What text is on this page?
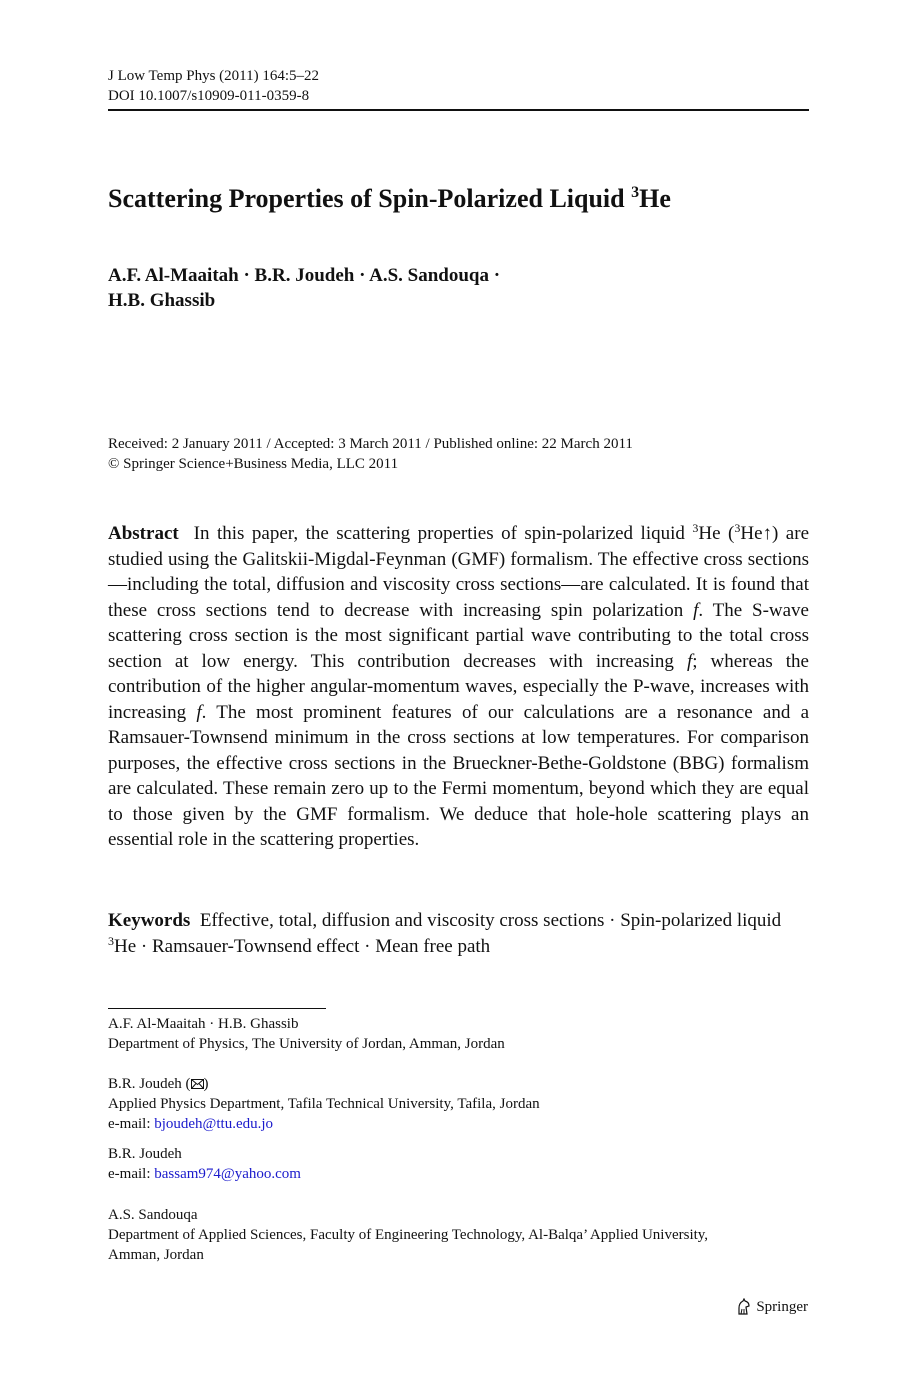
J Low Temp Phys (2011) 164:5–22
DOI 10.1007/s10909-011-0359-8
Scattering Properties of Spin-Polarized Liquid $^3$He
A.F. Al-Maaitah · B.R. Joudeh · A.S. Sandouqa ·
H.B. Ghassib
Received: 2 January 2011 / Accepted: 3 March 2011 / Published online: 22 March 2011
© Springer Science+Business Media, LLC 2011
Abstract In this paper, the scattering properties of spin-polarized liquid $^3$He ($^3$He↑) are studied using the Galitskii-Migdal-Feynman (GMF) formalism. The effective cross sections—including the total, diffusion and viscosity cross sections—are calculated. It is found that these cross sections tend to decrease with increasing spin polarization f. The S-wave scattering cross section is the most significant partial wave contributing to the total cross section at low energy. This contribution decreases with increasing f; whereas the contribution of the higher angular-momentum waves, especially the P-wave, increases with increasing f. The most prominent features of our calculations are a resonance and a Ramsauer-Townsend minimum in the cross sections at low temperatures. For comparison purposes, the effective cross sections in the Brueckner-Bethe-Goldstone (BBG) formalism are calculated. These remain zero up to the Fermi momentum, beyond which they are equal to those given by the GMF formalism. We deduce that hole-hole scattering plays an essential role in the scattering properties.
Keywords Effective, total, diffusion and viscosity cross sections · Spin-polarized liquid $^3$He · Ramsauer-Townsend effect · Mean free path
A.F. Al-Maaitah · H.B. Ghassib
Department of Physics, The University of Jordan, Amman, Jordan
B.R. Joudeh ( )
Applied Physics Department, Tafila Technical University, Tafila, Jordan
e-mail: bjoudeh@ttu.edu.jo
B.R. Joudeh
e-mail: bassam974@yahoo.com
A.S. Sandouqa
Department of Applied Sciences, Faculty of Engineering Technology, Al-Balqa’ Applied University,
Amman, Jordan
Springer
